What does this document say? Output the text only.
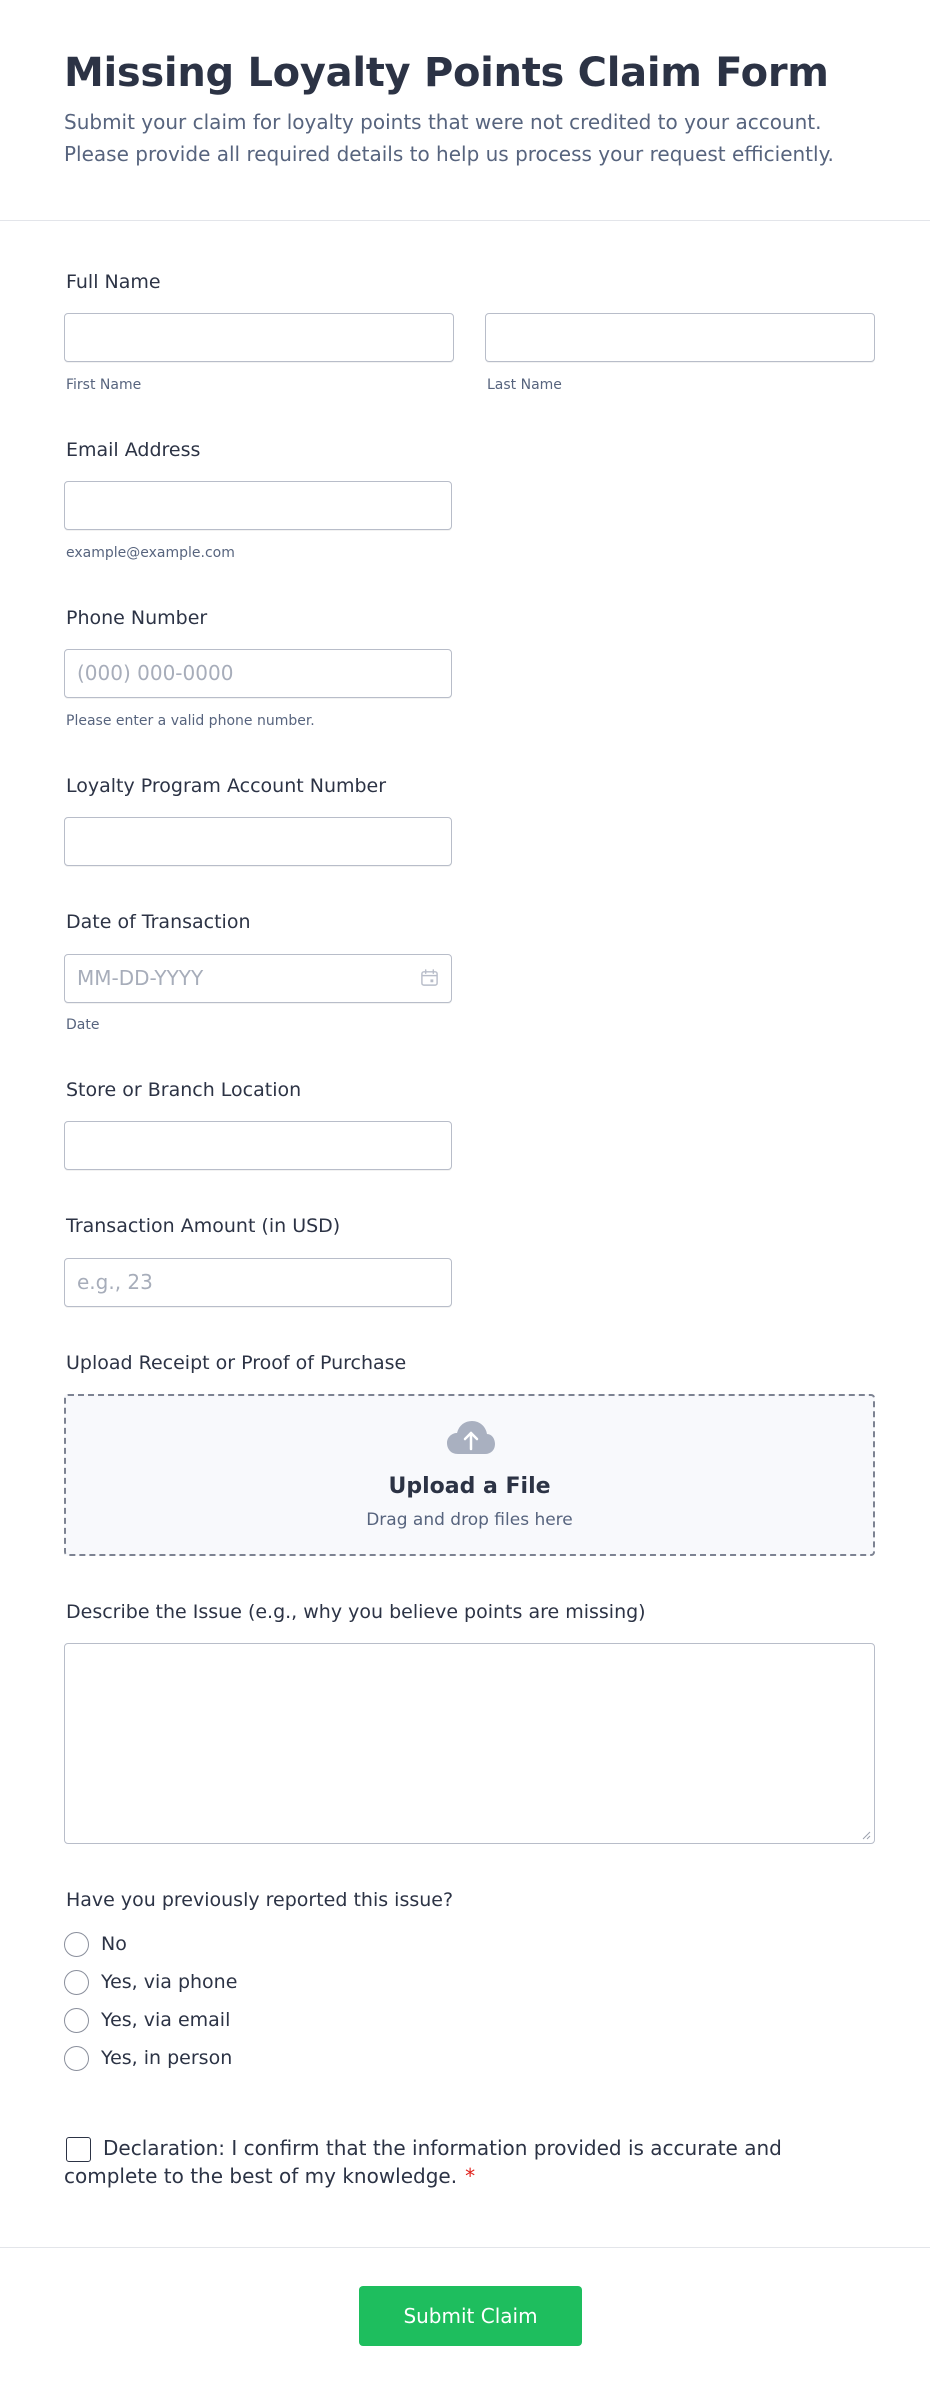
Missing Loyalty Points Claim Form

Submit your claim for loyalty points that were not credited to your account. Please provide all required details to help us process your request efficiently.

Full Name
First Name	Last Name
Email Address
example@example.com
Phone Number
(000) 000-0000
Please enter a valid phone number.
Loyalty Program Account Number
Date of Transaction
MM-DD-YYYY
Date
Store or Branch Location
Transaction Amount (in USD)
e.g., 23
Upload Receipt or Proof of Purchase
Upload a File
Drag and drop files here
Describe the Issue (e.g., why you believe points are missing)
Have you previously reported this issue?
No
Yes, via phone
Yes, via email
Yes, in person
Declaration: I confirm that the information provided is accurate and
complete to the best of my knowledge. *
Submit Claim
